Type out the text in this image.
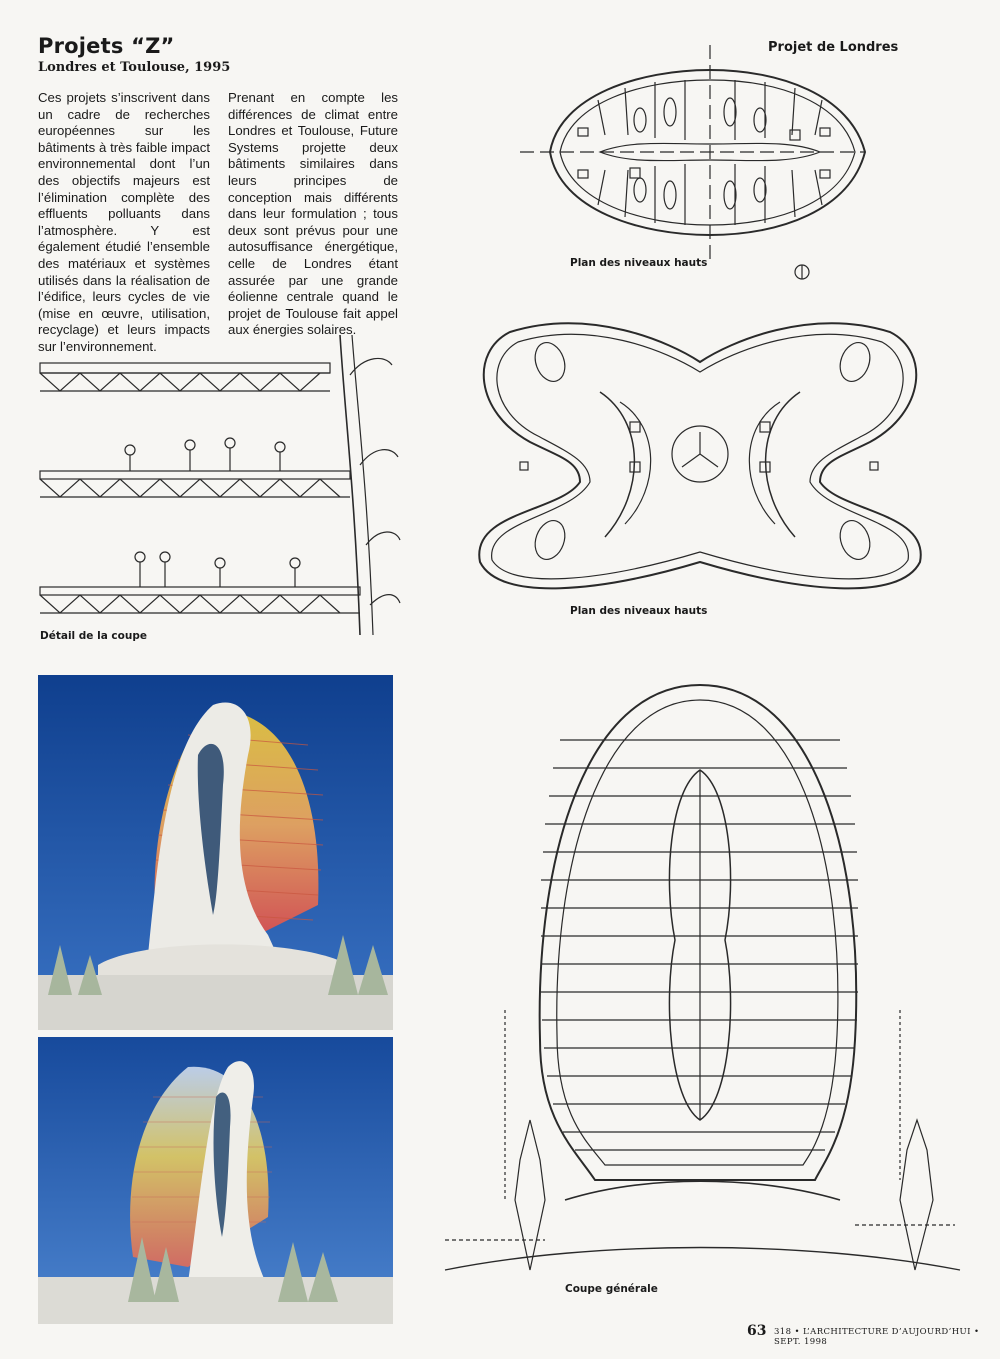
Projets “Z”
Londres et Toulouse, 1995
Ces projets s’inscrivent dans un cadre de recherches européennes sur les bâtiments à très faible impact environnemental dont l’un des objectifs majeurs est l’élimination complète des effluents polluants dans l’atmosphère. Y est également étudié l’ensemble des matériaux et systèmes utilisés dans la réalisation de l’édifice, leurs cycles de vie (mise en œuvre, utilisation, recyclage) et leurs impacts sur l’environnement.
Prenant en compte les différences de climat entre Londres et Toulouse, Future Systems projette deux bâtiments similaires dans leurs principes de conception mais différents dans leur formulation ; tous deux sont prévus pour une autosuffisance énergétique, celle de Londres étant assurée par une grande éolienne centrale quand le projet de Toulouse fait appel aux énergies solaires.
Projet de Londres
Plan des niveaux hauts
Plan des niveaux hauts
Détail de la coupe
Coupe générale
63 318 • L’ARCHITECTURE D’AUJOURD’HUI • SEPT. 1998
